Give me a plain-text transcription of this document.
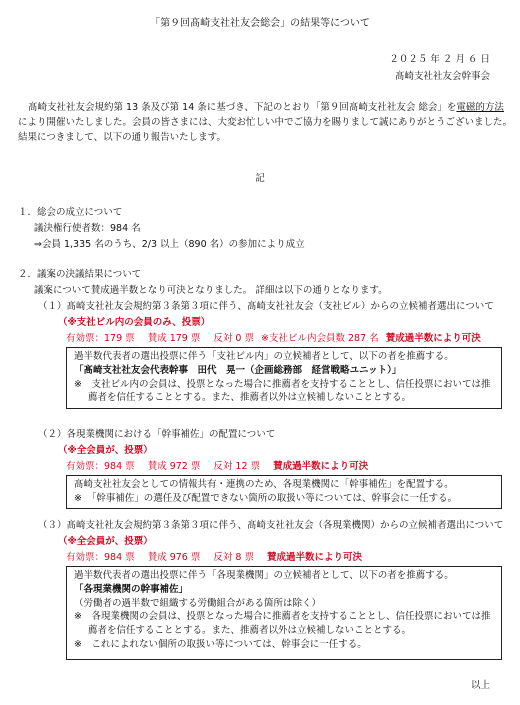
「第９回髙崎支社社友会総会」の結果等について
２０２５ 年 ２ 月 ６ 日
髙崎支社社友会幹事会
髙崎支社社友会規約第 13 条及び第 14 条に基づき、下記のとおり「第９回髙崎支社社友会 総会」を電磁的方法
により開催いたしました。会員の皆さまには、大変お忙しい中でご協力を賜りまして誠にありがとうございました。
結果につきまして、以下の通り報告いたします。
記
１．総会の成立について
議決権行使者数：984 名
⇒会員 1,335 名のうち、2/3 以上（890 名）の参加により成立
２．議案の決議結果について
議案について賛成過半数となり可決となりました。 詳細は以下の通りとなります。
（１）髙崎支社社友会規約第３条第３項に伴う、髙崎支社社友会（支社ビル）からの立候補者選出について
（※支社ビル内の会員のみ、投票）
有効票：179 票 賛成 179 票 反対 0 票 ※支社ビル内会員数 287 名 賛成過半数により可決
過半数代表者の選出投票に伴う「支社ビル内」の立候補者として、以下の者を推薦する。
「髙崎支社社友会代表幹事　田代　晃一（企画総務部　経営戦略ユニット）」
※　支社ビル内の会員は、投票となった場合に推薦者を支持することとし、信任投票においては推薦者を信任することとする。また、推薦者以外は立候補しないこととする。
（２）各現業機関における「幹事補佐」の配置について
（※全会員が、投票）
有効票：984 票 賛成 972 票 反対 12 票 賛成過半数により可決
髙崎支社社友会としての情報共有・連携のため、各現業機関に「幹事補佐」を配置する。
※　「幹事補佐」の選任及び配置できない箇所の取扱い等については、幹事会に一任する。
（３）髙崎支社社友会規約第３条第３項に伴う、髙崎支社社友会（各現業機関）からの立候補者選出について
（※全会員が、投票）
有効票：984 票 賛成 976 票 反対 8 票 賛成過半数により可決
過半数代表者の選出投票に伴う「各現業機関」の立候補者として、以下の者を推薦する。
「各現業機関の幹事補佐」
（労働者の過半数で組織する労働組合がある箇所は除く）
※　各現業機関の会員は、投票となった場合に推薦者を支持することとし、信任投票においては推薦者を信任することとする。また、推薦者以外は立候補しないこととする。
※　これによれない個所の取扱い等については、幹事会に一任する。
以上
